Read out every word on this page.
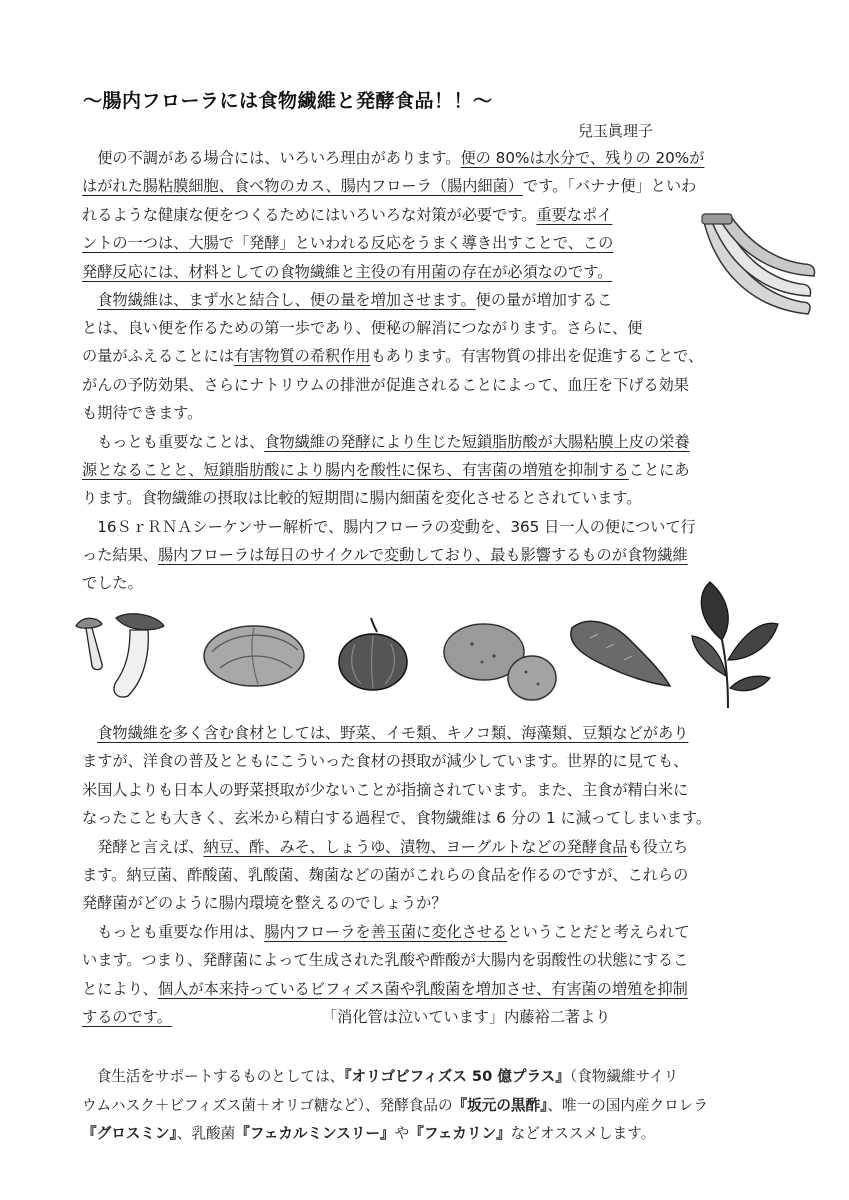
〜腸内フローラには食物繊維と発酵食品！！〜
兒玉眞理子
　便の不調がある場合には、いろいろ理由があります。便の 80%は水分で、残りの 20%が
はがれた腸粘膜細胞、食べ物のカス、腸内フローラ（腸内細菌）です。「バナナ便」といわ
れるような健康な便をつくるためにはいろいろな対策が必要です。重要なポイ
ントの一つは、大腸で「発酵」といわれる反応をうまく導き出すことで、この
発酵反応には、材料としての食物繊維と主役の有用菌の存在が必須なのです。
　食物繊維は、まず水と結合し、便の量を増加させます。便の量が増加するこ
とは、良い便を作るための第一歩であり、便秘の解消につながります。さらに、便
の量がふえることには有害物質の希釈作用もあります。有害物質の排出を促進することで、
がんの予防効果、さらにナトリウムの排泄が促進されることによって、血圧を下げる効果
も期待できます。
　もっとも重要なことは、食物繊維の発酵により生じた短鎖脂肪酸が大腸粘膜上皮の栄養
源となることと、短鎖脂肪酸により腸内を酸性に保ち、有害菌の増殖を抑制することにあ
ります。食物繊維の摂取は比較的短期間に腸内細菌を変化させるとされています。
　16ＳｒＲＮＡシーケンサー解析で、腸内フローラの変動を、365 日一人の便について行
った結果、腸内フローラは毎日のサイクルで変動しており、最も影響するものが食物繊維
でした。
　食物繊維を多く含む食材としては、野菜、イモ類、キノコ類、海藻類、豆類などがあり
ますが、洋食の普及とともにこういった食材の摂取が減少しています。世界的に見ても、
米国人よりも日本人の野菜摂取が少ないことが指摘されています。また、主食が精白米に
なったことも大きく、玄米から精白する過程で、食物繊維は 6 分の 1 に減ってしまいます。
　発酵と言えば、納豆、酢、みそ、しょうゆ、漬物、ヨーグルトなどの発酵食品も役立ち
ます。納豆菌、酢酸菌、乳酸菌、麹菌などの菌がこれらの食品を作るのですが、これらの
発酵菌がどのように腸内環境を整えるのでしょうか？
　もっとも重要な作用は、腸内フローラを善玉菌に変化させるということだと考えられて
います。つまり、発酵菌によって生成された乳酸や酢酸が大腸内を弱酸性の状態にするこ
とにより、個人が本来持っているビフィズス菌や乳酸菌を増加させ、有害菌の増殖を抑制
するのです。	「消化管は泣いています」内藤裕二著より
　食生活をサポートするものとしては、『オリゴビフィズス 50 億プラス』（食物繊維サイリ
ウムハスク＋ビフィズス菌＋オリゴ糖など）、発酵食品の『坂元の黒酢』、唯一の国内産クロレラ
『グロスミン』、乳酸菌『フェカルミンスリー』や『フェカリン』などオススメします。
